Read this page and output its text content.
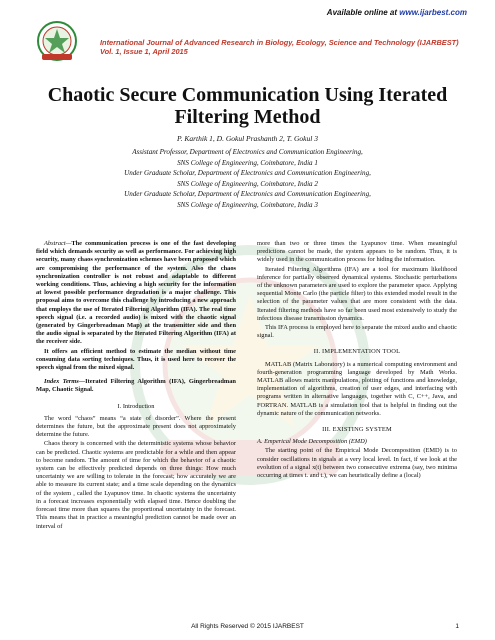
Available online at www.ijarbest.com
International Journal of Advanced Research in Biology, Ecology, Science and Technology (IJARBEST)
Vol. 1, Issue 1, April 2015
Chaotic Secure Communication Using Iterated Filtering Method
P. Karthik 1, D. Gokul Prashanth 2, T. Gokul 3

Assistant Professor, Department of Electronics and Communication Engineering,

SNS College of Engineering, Coimbatore, India 1

Under Graduate Scholar, Department of Electronics and Communication Engineering,

SNS College of Engineering, Coimbatore, India 2

Under Graduate Scholar, Department of Electronics and Communication Engineering,

SNS College of Engineering, Coimbatore, India 3

Abstract—The communication process is one of the fast developing field which demands security as well as performance. For achieving high security, many chaos synchronization schemes have been proposed which are compromising the performance of the system. Also the chaos synchronization controller is not robust and adaptable to different working conditions. Thus, achieving a high security for the information at lowest possible performance degradation is a major challenge. This proposal aims to overcome this challenge by introducing a new approach that employs the use of Iterated Filtering Algorithm (IFA). The real time speech signal (i.e. a recorded audio) is mixed with the chaotic signal (generated by Gingerbreadman Map) at the transmitter side and then the audio signal is separated by the Iterated Filtering Algorithm (IFA) at the receiver side.

It offers an efficient method to estimate the median without time consuming data sorting techniques. Thus, it is used here to recover the speech signal from the mixed signal.

Index Terms—Iterated Filtering Algorithm (IFA), Gingerbreadman Map, Chaotic Signal.

I. Introduction

The word “chaos” means “a state of disorder”. Where the present determines the future, but the approximate present does not approximately determine the future.

Chaos theory is concerned with the deterministic systems whose behavior can be predicted. Chaotic systems are predictable for a while and then appear to become random. The amount of time for which the behavior of a chaotic system can be effectively predicted depends on three things: How much uncertainty we are willing to tolerate in the forecast; how accurately we are able to measure its current state; and a time scale depending on the dynamics of the system , called the Lyapunov time. In chaotic systems the uncertainty in a forecast increases exponentially with elapsed time. Hence doubling the forecast time more than squares the proportional uncertainty in the forecast. This means that in practice a meaningful prediction cannot be made over an interval of

more than two or three times the Lyapunov time. When meaningful predictions cannot be made, the system appears to be random. Thus, it is widely used in the communication process for hiding the information.

Iterated Filtering Algorithms (IFA) are a tool for maximum likelihood inference for partially observed dynamical systems. Stochastic perturbations of the unknown parameters are used to explore the parameter space. Applying sequential Monte Carlo (the particle filter) to this extended model result in the selection of the parameter values that are more consistent with the data. Iterated filtering methods have so far been used most extensively to study the infectious disease transmission dynamics.

This IFA process is employed here to separate the mixed audio and chaotic signal.

II. IMPLEMENTATION TOOL

MATLAB (Matrix Laboratory) is a numerical computing environment and fourth-generation programming language developed by Math Works. MATLAB allows matrix manipulations, plotting of functions and knowledge, implementation of algorithms, creation of user edges, and interfacing with programs written in alternative languages, together with C, C++, Java, and FORTRAN. MATLAB is a simulation tool that is helpful in finding out the dynamic nature of the communication networks.

III. EXISTING SYSTEM

A. Emperical Mode Decomposition (EMD)

The starting point of the Empirical Mode Decomposition (EMD) is to consider oscillations in signals at a very local level. In fact, if we look at the evolution of a signal x(t) between two consecutive extrema (say, two minima occurring at times t. and t.), we can heuristically define a (local)

All Rights Reserved © 2015 IJARBEST	1
